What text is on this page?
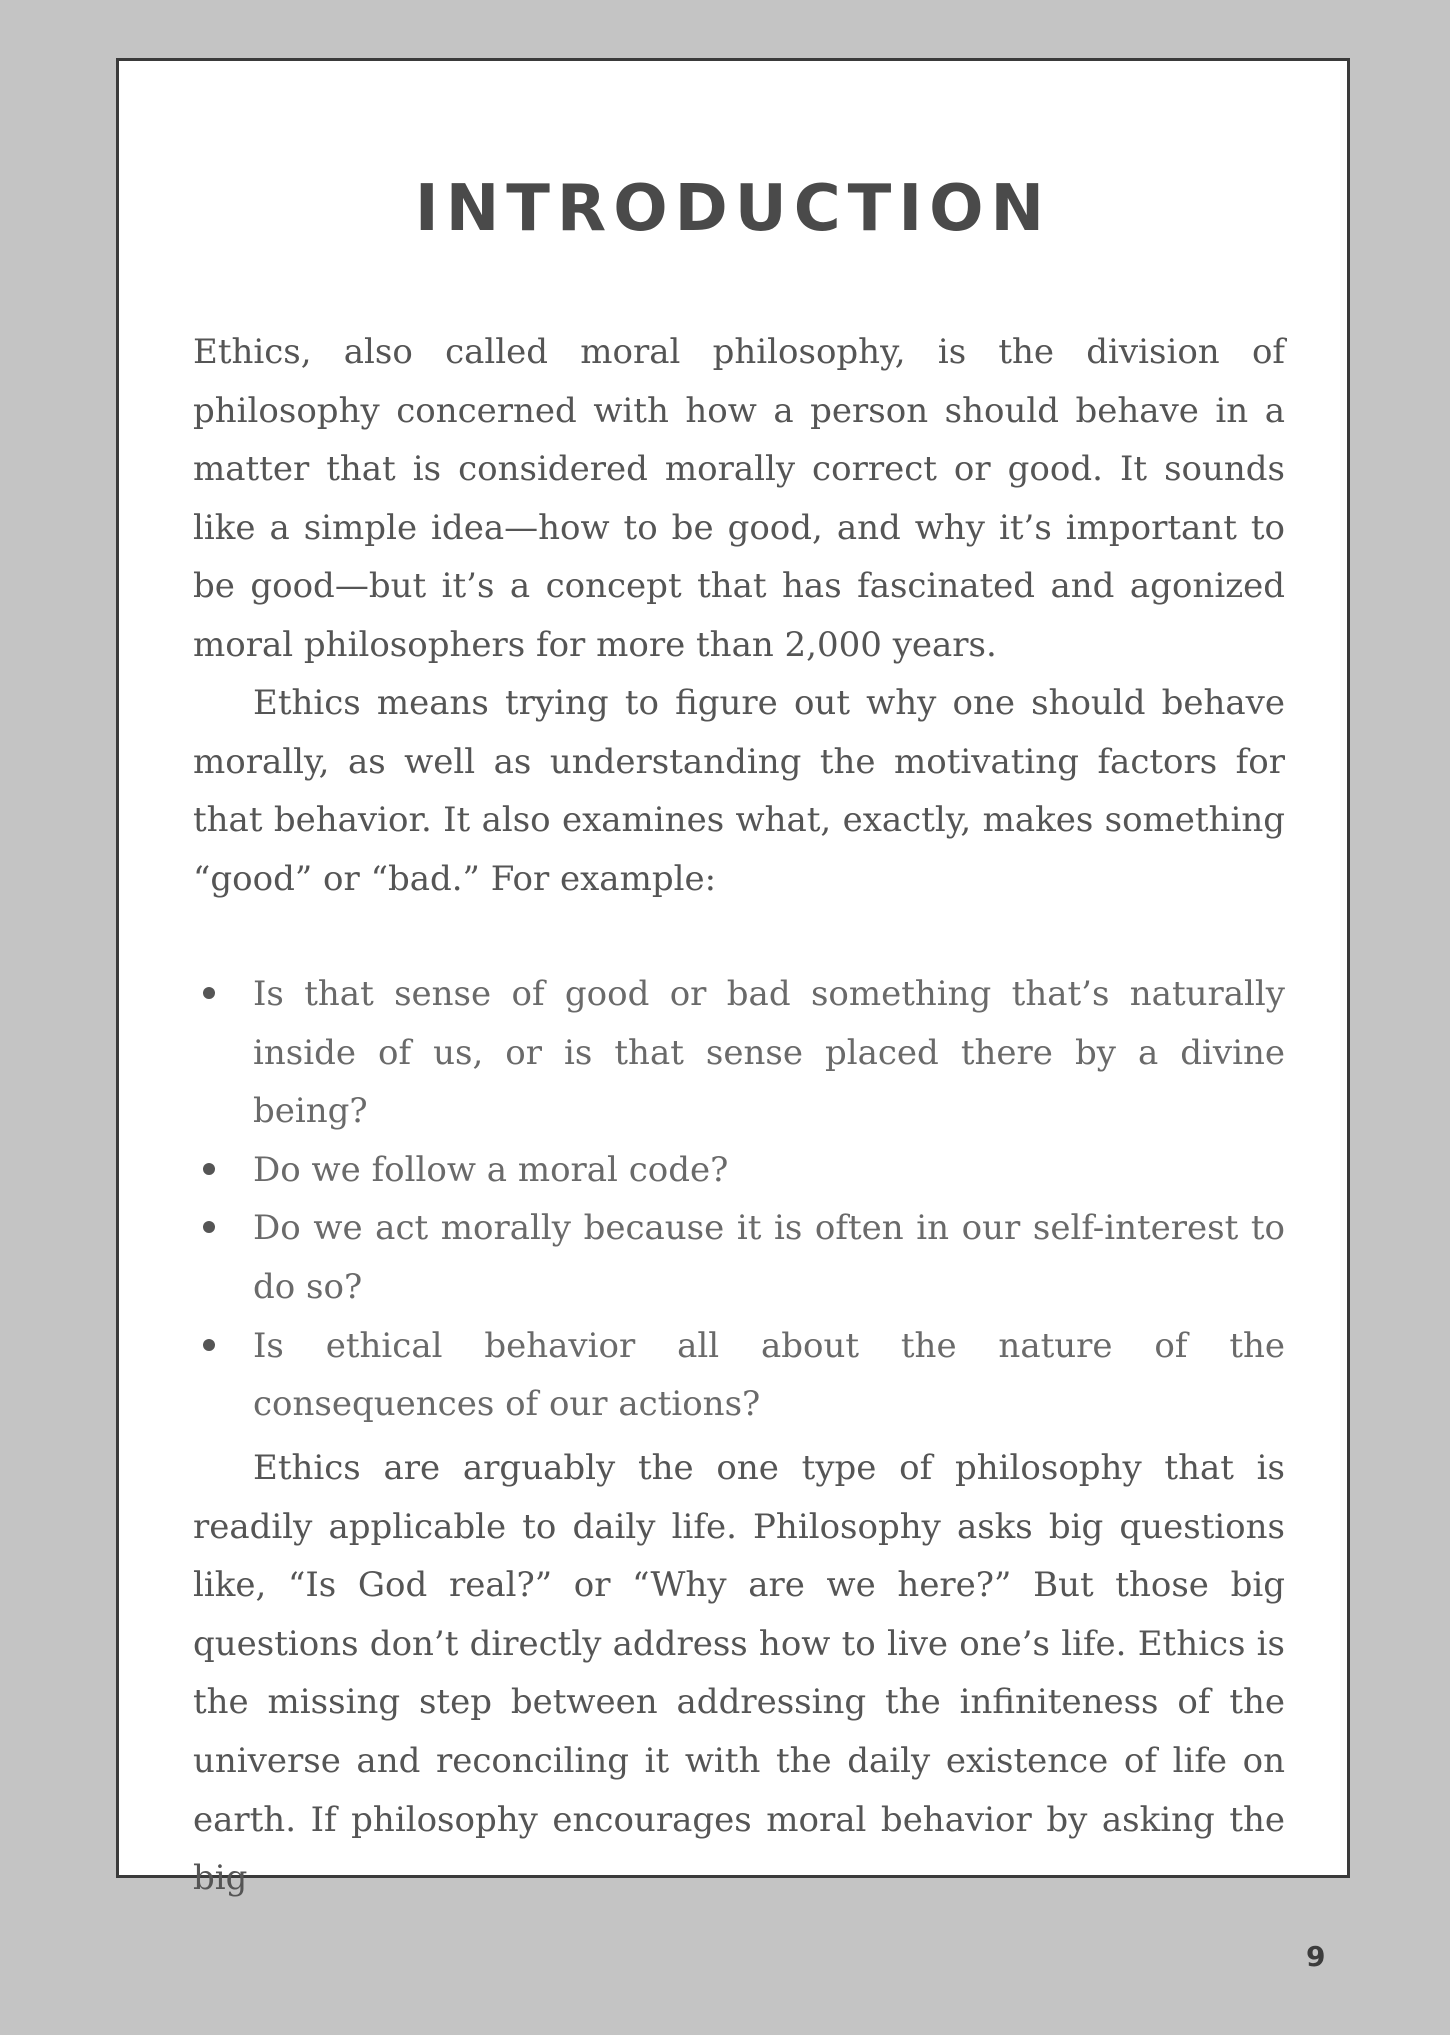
INTRODUCTION

Ethics, also called moral philosophy, is the division of philosophy concerned with how a person should behave in a matter that is considered morally correct or good. It sounds like a simple idea—how to be good, and why it’s important to be good—but it’s a concept that has fascinated and agonized moral philosophers for more than 2,000 years.

Ethics means trying to figure out why one should behave morally, as well as understanding the motivating factors for that behavior. It also examines what, exactly, makes something “good” or “bad.” For example:

Is that sense of good or bad something that’s naturally inside of us, or is that sense placed there by a divine being?
Do we follow a moral code?
Do we act morally because it is often in our self-interest to do so?
Is ethical behavior all about the nature of the consequences of our actions?

Ethics are arguably the one type of philosophy that is readily applicable to daily life. Philosophy asks big questions like, “Is God real?” or “Why are we here?” But those big questions don’t directly address how to live one’s life. Ethics is the missing step between addressing the infiniteness of the universe and reconciling it with the daily existence of life on earth. If philosophy encourages moral behavior by asking the big

9
